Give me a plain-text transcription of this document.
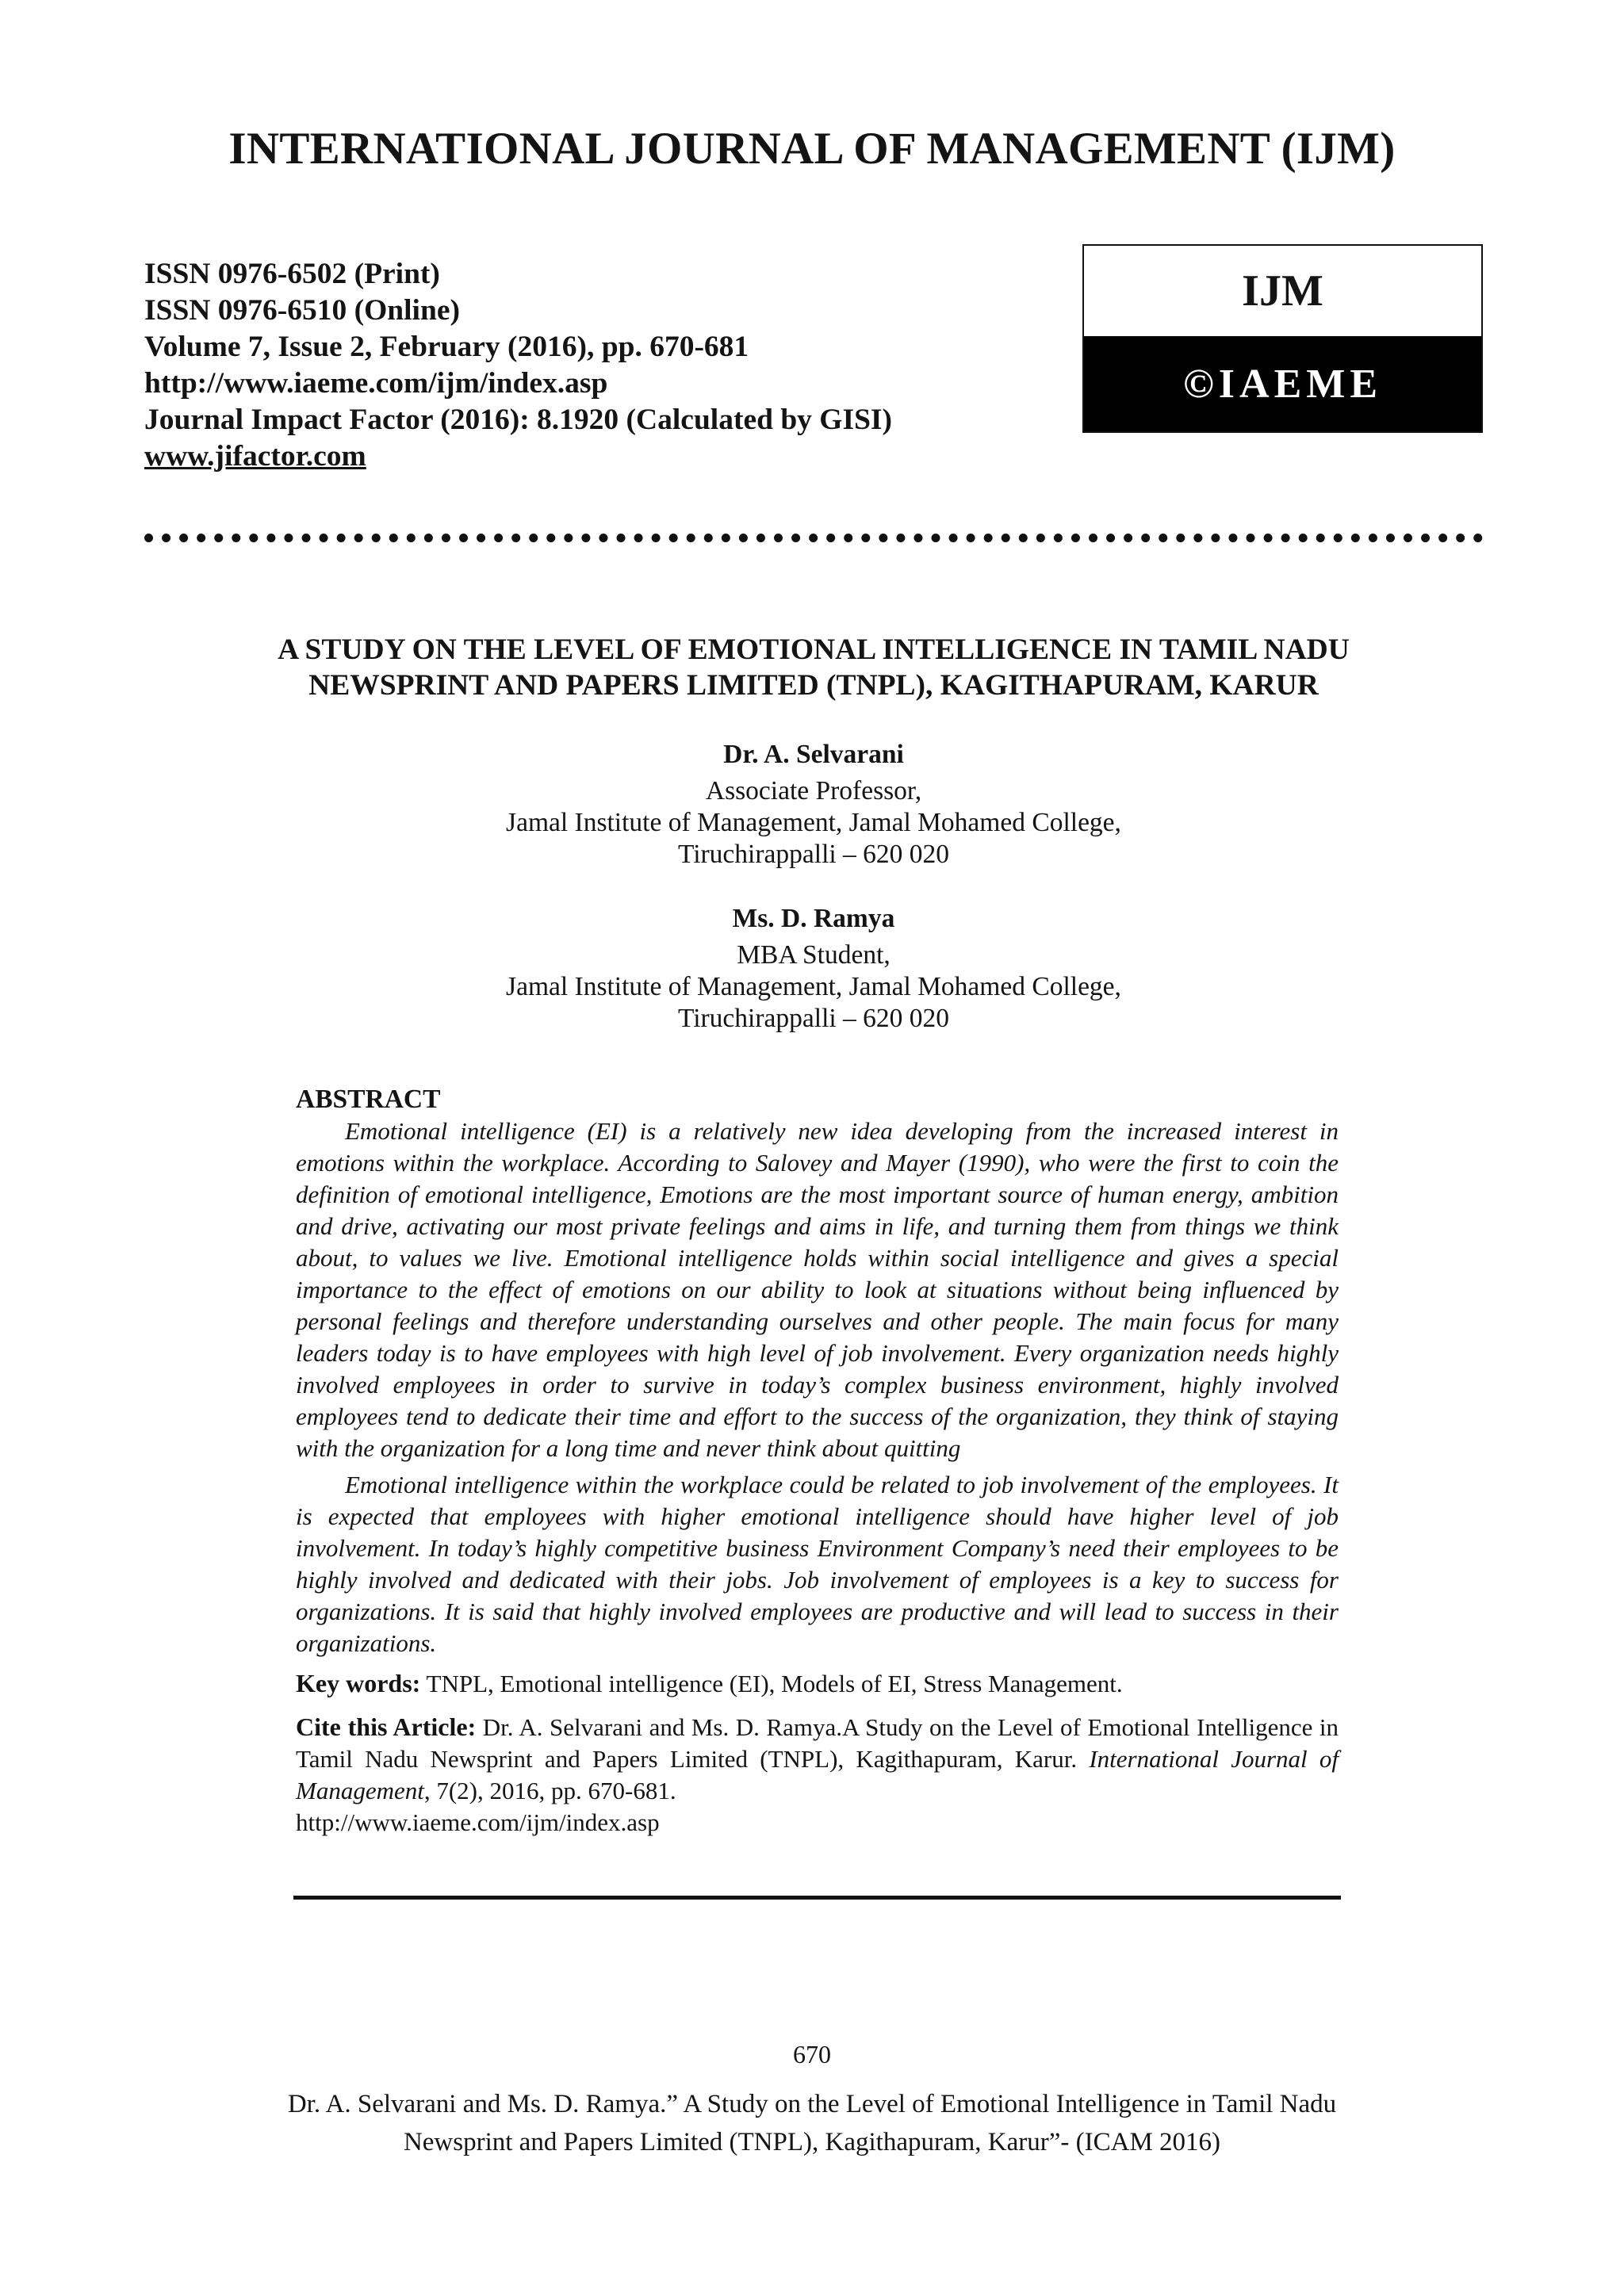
INTERNATIONAL JOURNAL OF MANAGEMENT (IJM)
ISSN 0976-6502 (Print)
ISSN 0976-6510 (Online)
Volume 7, Issue 2, February (2016), pp. 670-681
http://www.iaeme.com/ijm/index.asp
Journal Impact Factor (2016): 8.1920 (Calculated by GISI)
www.jifactor.com
IJM
©IAEME
A STUDY ON THE LEVEL OF EMOTIONAL INTELLIGENCE IN TAMIL NADU
NEWSPRINT AND PAPERS LIMITED (TNPL), KAGITHAPURAM, KARUR
Dr. A. Selvarani
Associate Professor,
Jamal Institute of Management, Jamal Mohamed College,
Tiruchirappalli – 620 020
Ms. D. Ramya
MBA Student,
Jamal Institute of Management, Jamal Mohamed College,
Tiruchirappalli – 620 020
ABSTRACT

Emotional intelligence (EI) is a relatively new idea developing from the increased interest in emotions within the workplace. According to Salovey and Mayer (1990), who were the first to coin the definition of emotional intelligence, Emotions are the most important source of human energy, ambition and drive, activating our most private feelings and aims in life, and turning them from things we think about, to values we live. Emotional intelligence holds within social intelligence and gives a special importance to the effect of emotions on our ability to look at situations without being influenced by personal feelings and therefore understanding ourselves and other people. The main focus for many leaders today is to have employees with high level of job involvement. Every organization needs highly involved employees in order to survive in today’s complex business environment, highly involved employees tend to dedicate their time and effort to the success of the organization, they think of staying with the organization for a long time and never think about quitting

Emotional intelligence within the workplace could be related to job involvement of the employees. It is expected that employees with higher emotional intelligence should have higher level of job involvement. In today’s highly competitive business Environment Company’s need their employees to be highly involved and dedicated with their jobs. Job involvement of employees is a key to success for organizations. It is said that highly involved employees are productive and will lead to success in their organizations.

Key words: TNPL, Emotional intelligence (EI), Models of EI, Stress Management.
Cite this Article: Dr. A. Selvarani and Ms. D. Ramya.A Study on the Level of Emotional Intelligence in Tamil Nadu Newsprint and Papers Limited (TNPL), Kagithapuram, Karur. International Journal of Management, 7(2), 2016, pp. 670-681.
http://www.iaeme.com/ijm/index.asp
670
Dr. A. Selvarani and Ms. D. Ramya.” A Study on the Level of Emotional Intelligence in Tamil Nadu
Newsprint and Papers Limited (TNPL), Kagithapuram, Karur”- (ICAM 2016)
